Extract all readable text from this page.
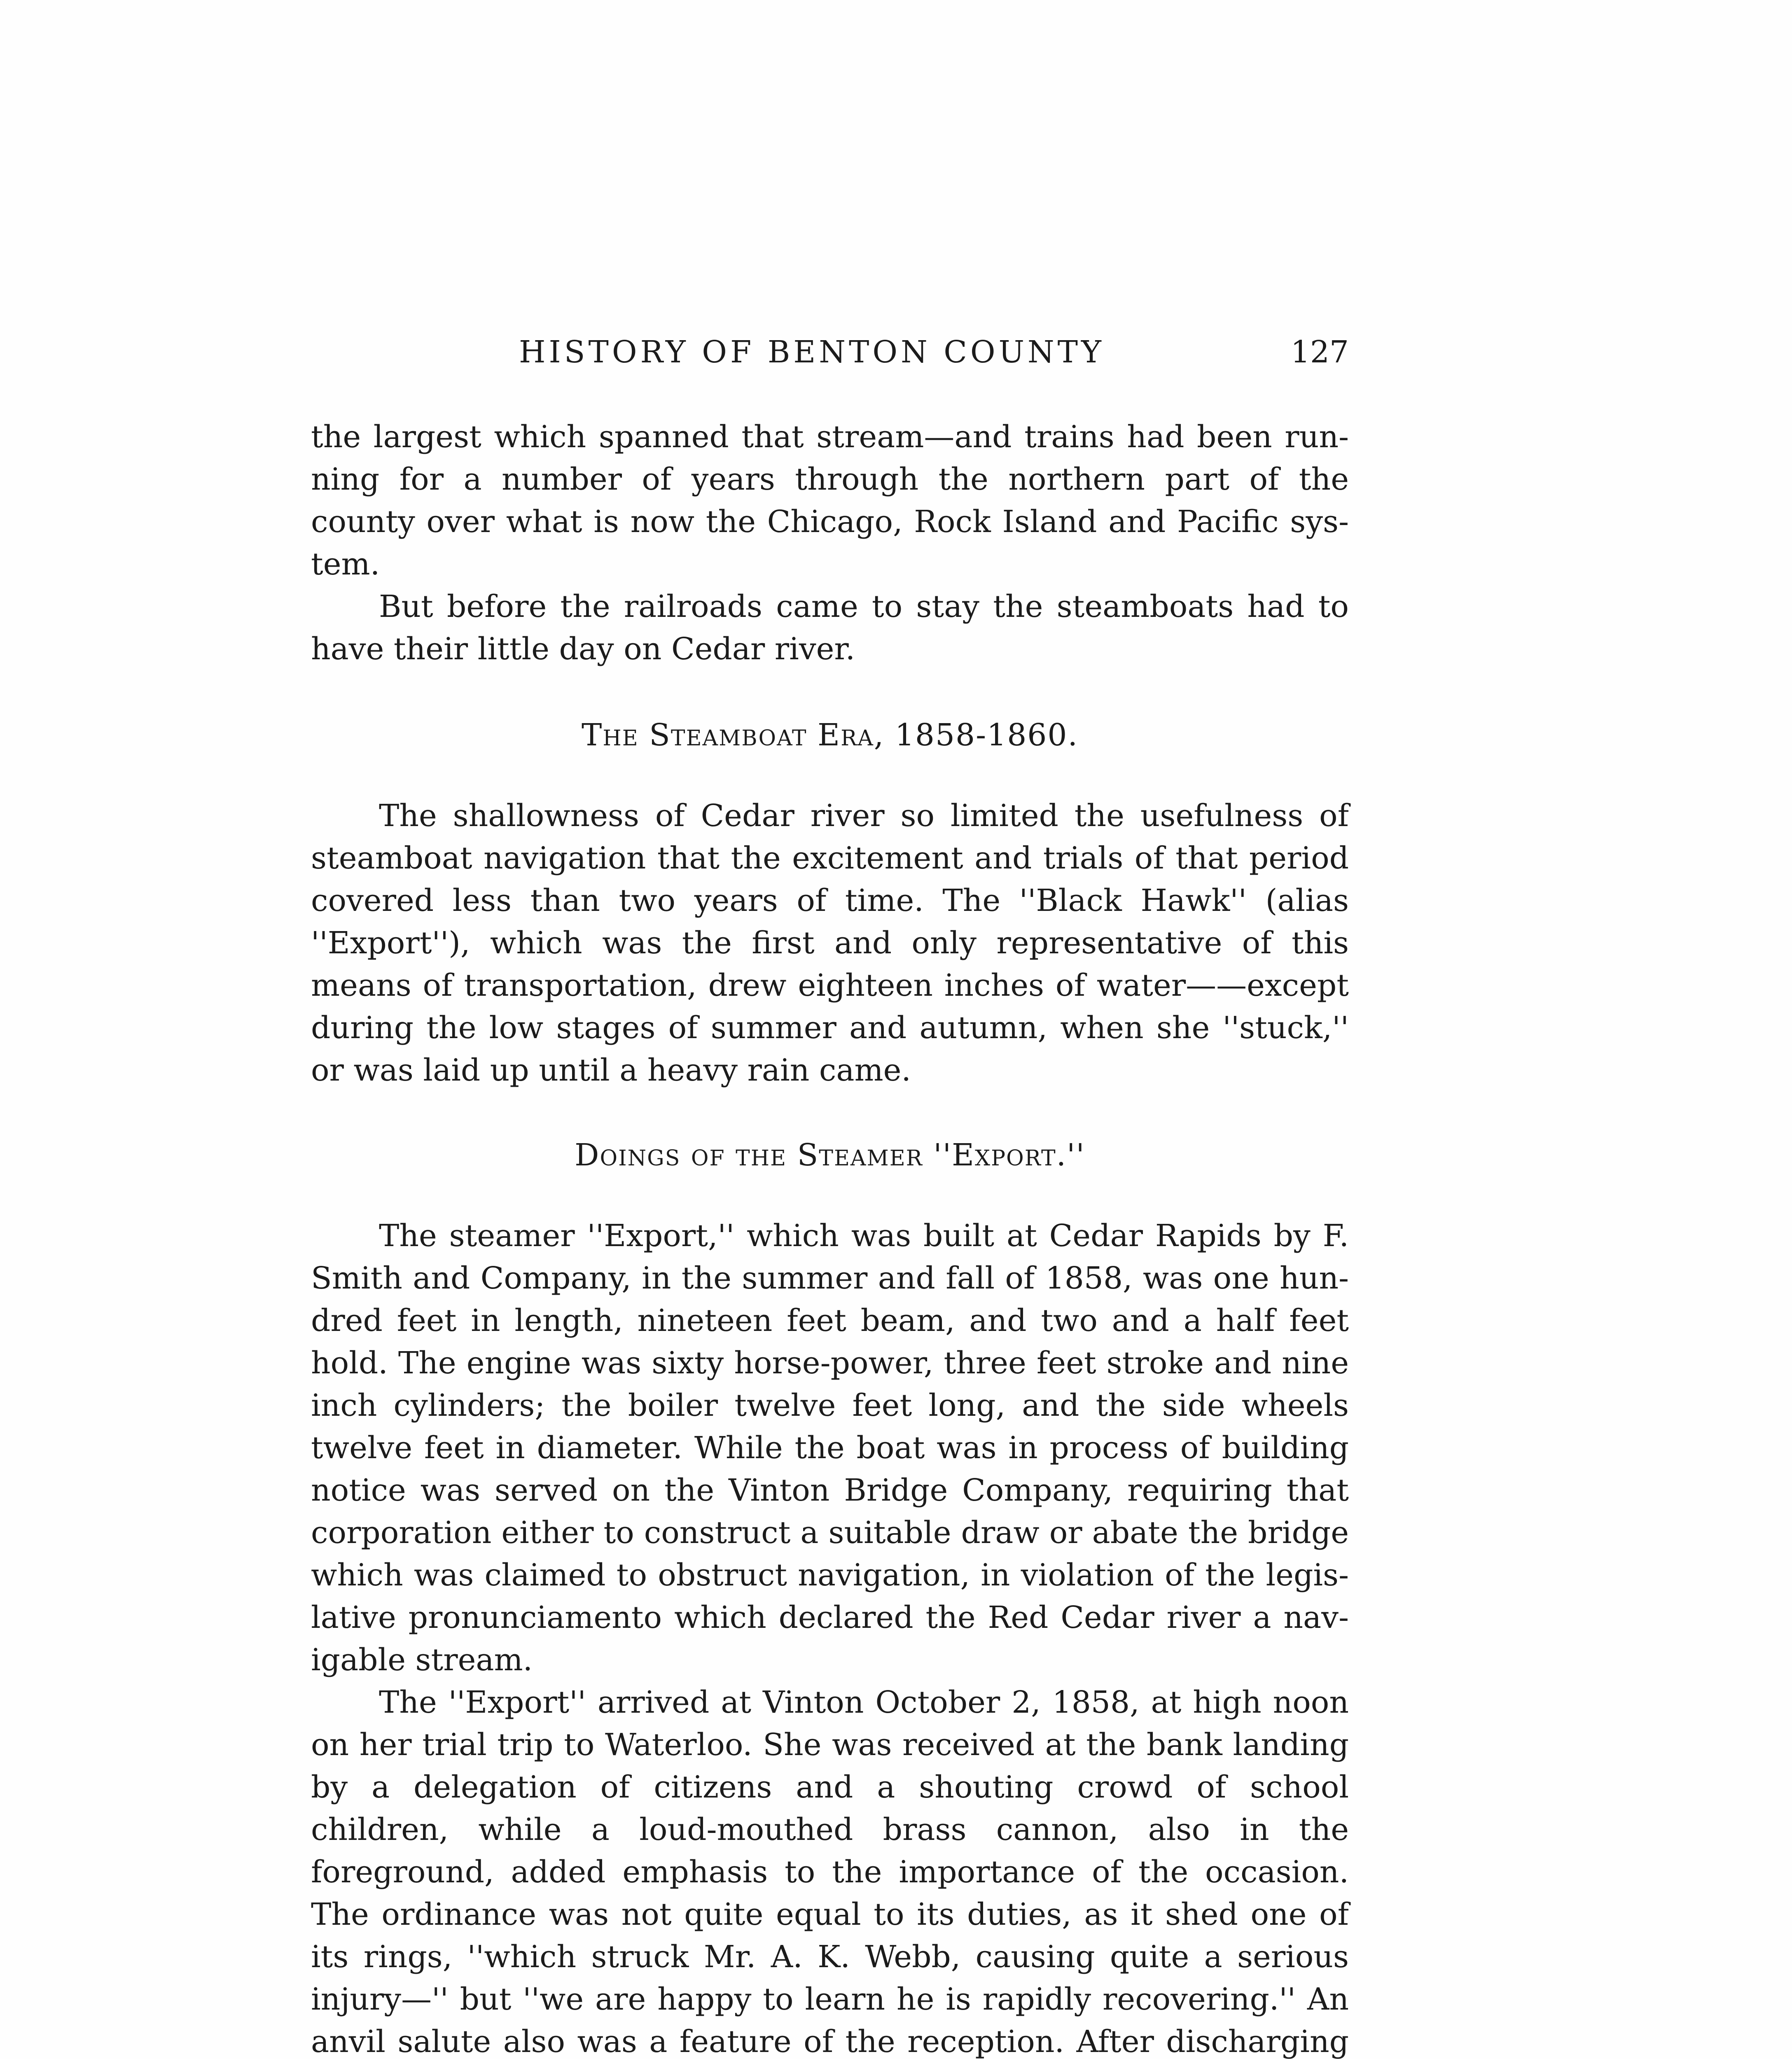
HISTORY OF BENTON COUNTY	127

the largest which spanned that stream—and trains had been running for a number of years through the northern part of the county over what is now the Chicago, Rock Island and Pacific system.

But before the railroads came to stay the steamboats had to have their little day on Cedar river.

The Steamboat Era, 1858-1860.

The shallowness of Cedar river so limited the usefulness of steamboat navigation that the excitement and trials of that period covered less than two years of time. The ''Black Hawk'' (alias ''Export''), which was the first and only representative of this means of transportation, drew eighteen inches of water——except during the low stages of summer and autumn, when she ''stuck,'' or was laid up until a heavy rain came.

Doings of the Steamer ''Export.''

The steamer ''Export,'' which was built at Cedar Rapids by F. Smith and Company, in the summer and fall of 1858, was one hundred feet in length, nineteen feet beam, and two and a half feet hold. The engine was sixty horse-power, three feet stroke and nine inch cylinders; the boiler twelve feet long, and the side wheels twelve feet in diameter. While the boat was in process of building notice was served on the Vinton Bridge Company, requiring that corporation either to construct a suitable draw or abate the bridge which was claimed to obstruct navigation, in violation of the legislative pronunciamento which declared the Red Cedar river a navigable stream.

The ''Export'' arrived at Vinton October 2, 1858, at high noon on her trial trip to Waterloo. She was received at the bank landing by a delegation of citizens and a shouting crowd of school children, while a loud-mouthed brass cannon, also in the foreground, added emphasis to the importance of the occasion. The ordinance was not quite equal to its duties, as it shed one of its rings, ''which struck Mr. A. K. Webb, causing quite a serious injury—'' but ''we are happy to learn he is rapidly recovering.'' An anvil salute also was a feature of the reception. After discharging
